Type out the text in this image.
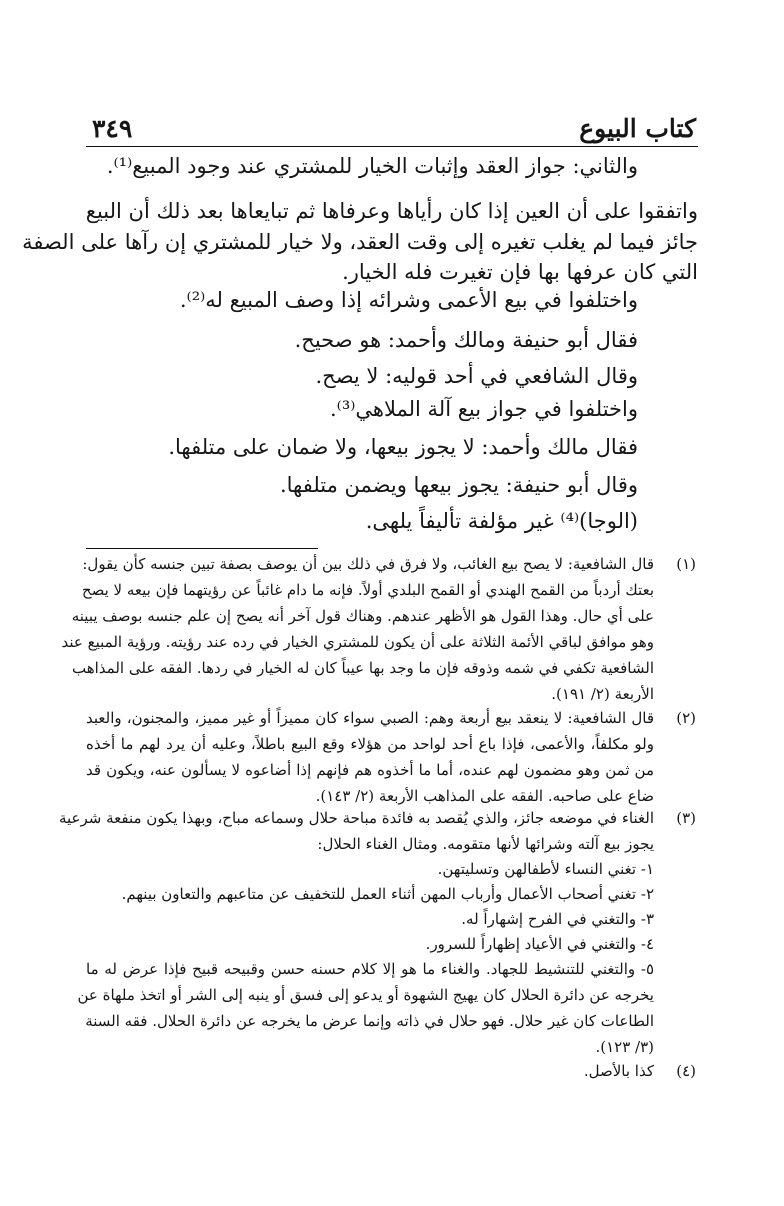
كتاب البيوع
٣٤٩
والثاني: جواز العقد وإثبات الخيار للمشتري عند وجود المبيع⁽¹⁾.
واتفقوا على أن العين إذا كان رأياها وعرفاها ثم تبايعاها بعد ذلك أن البيع
جائز فيما لم يغلب تغيره إلى وقت العقد، ولا خيار للمشتري إن رآها على الصفة
التي كان عرفها بها فإن تغيرت فله الخيار.
واختلفوا في بيع الأعمى وشرائه إذا وصف المبيع له⁽²⁾.
فقال أبو حنيفة ومالك وأحمد: هو صحيح.
وقال الشافعي في أحد قوليه: لا يصح.
واختلفوا في جواز بيع آلة الملاهي⁽³⁾.
فقال مالك وأحمد: لا يجوز بيعها، ولا ضمان على متلفها.
وقال أبو حنيفة: يجوز بيعها ويضمن متلفها.
(الوجا)⁽⁴⁾ غير مؤلفة تأليفاً يلهى.
(١)
قال الشافعية: لا يصح بيع الغائب، ولا فرق في ذلك بين أن يوصف بصفة تبين جنسه كأن يقول:
بعتك أردباً من القمح الهندي أو القمح البلدي أولاً. فإنه ما دام غائباً عن رؤيتهما فإن بيعه لا يصح
على أي حال. وهذا القول هو الأظهر عندهم. وهناك قول آخر أنه يصح إن علم جنسه بوصف يبينه
وهو موافق لباقي الأئمة الثلاثة على أن يكون للمشتري الخيار في رده عند رؤيته. ورؤية المبيع عند
الشافعية تكفي في شمه وذوقه فإن ما وجد بها عيباً كان له الخيار في ردها. الفقه على المذاهب
الأربعة (٢/ ١٩١).
(٢)
قال الشافعية: لا ينعقد بيع أربعة وهم: الصبي سواء كان مميزاً أو غير مميز، والمجنون، والعبد
ولو مكلفاً، والأعمى، فإذا باع أحد لواحد من هؤلاء وقع البيع باطلاً، وعليه أن يرد لهم ما أخذه
من ثمن وهو مضمون لهم عنده، أما ما أخذوه هم فإنهم إذا أضاعوه لا يسألون عنه، ويكون قد
ضاع على صاحبه. الفقه على المذاهب الأربعة (٢/ ١٤٣).
(٣)
الغناء في موضعه جائز، والذي يُقصد به فائدة مباحة حلال وسماعه مباح، وبهذا يكون منفعة شرعية
يجوز بيع آلته وشرائها لأنها متقومه. ومثال الغناء الحلال:
١- تغني النساء لأطفالهن وتسليتهن.
٢- تغني أصحاب الأعمال وأرباب المهن أثناء العمل للتخفيف عن متاعبهم والتعاون بينهم.
٣- والتغني في الفرح إشهاراً له.
٤- والتغني في الأعياد إظهاراً للسرور.
٥- والتغني للتنشيط للجهاد. والغناء ما هو إلا كلام حسنه حسن وقبيحه قبيح فإذا عرض له ما
يخرجه عن دائرة الحلال كان يهيج الشهوة أو يدعو إلى فسق أو ينبه إلى الشر أو اتخذ ملهاة عن
الطاعات كان غير حلال. فهو حلال في ذاته وإنما عرض ما يخرجه عن دائرة الحلال. فقه السنة
(٣/ ١٢٣).
(٤)
كذا بالأصل.
